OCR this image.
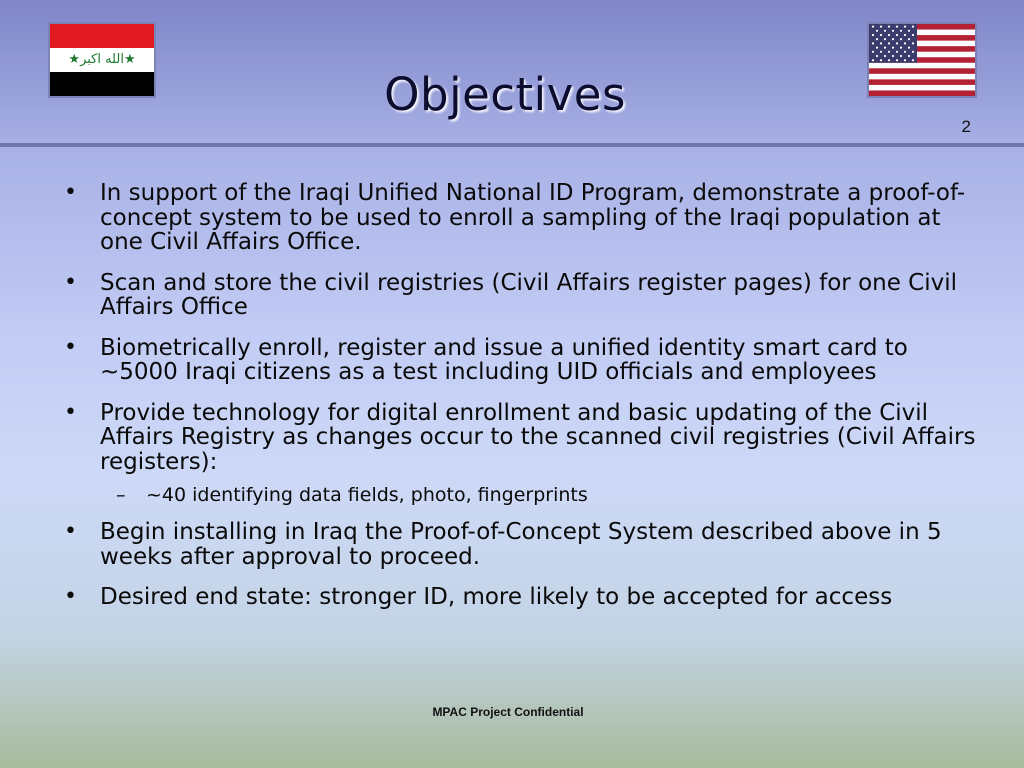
★الله اكبر★
Objectives
2
• In support of the Iraqi Unified National ID Program, demonstrate a proof-of-concept system to be used to enroll a sampling of the Iraqi population at one Civil Affairs Office.
• Scan and store the civil registries (Civil Affairs register pages) for one Civil Affairs Office
• Biometrically enroll, register and issue a unified identity smart card to ~5000 Iraqi citizens as a test including UID officials and employees
• Provide technology for digital enrollment and basic updating of the Civil Affairs Registry as changes occur to the scanned civil registries (Civil Affairs registers):
– ~40 identifying data fields, photo, fingerprints
• Begin installing in Iraq the Proof-of-Concept System described above in 5 weeks after approval to proceed.
• Desired end state: stronger ID, more likely to be accepted for access
MPAC Project Confidential
